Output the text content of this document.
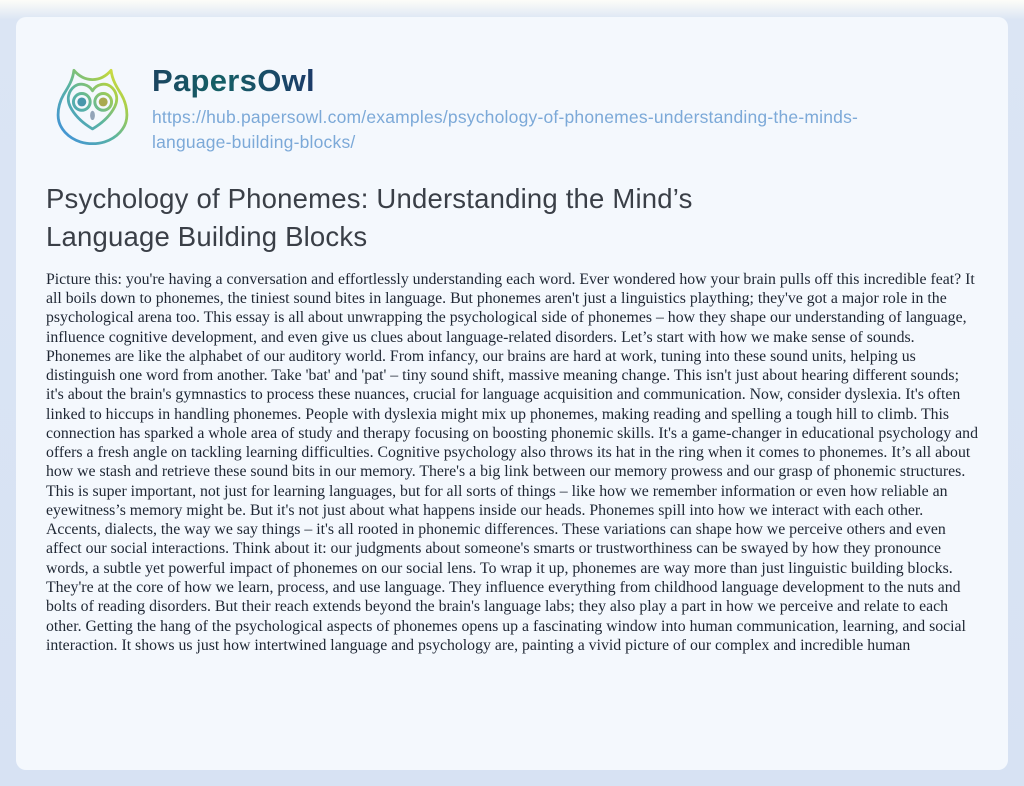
PapersOwl
https://hub.papersowl.com/examples/psychology-of-phonemes-understanding-the-minds-language-building-blocks/
Psychology of Phonemes: Understanding the Mind’s Language Building Blocks

Picture this: you're having a conversation and effortlessly understanding each word. Ever wondered how your brain pulls off this incredible feat? It all boils down to phonemes, the tiniest sound bites in language. But phonemes aren't just a linguistics plaything; they've got a major role in the psychological arena too. This essay is all about unwrapping the psychological side of phonemes – how they shape our understanding of language, influence cognitive development, and even give us clues about language-related disorders. Let’s start with how we make sense of sounds. Phonemes are like the alphabet of our auditory world. From infancy, our brains are hard at work, tuning into these sound units, helping us distinguish one word from another. Take 'bat' and 'pat' – tiny sound shift, massive meaning change. This isn't just about hearing different sounds; it's about the brain's gymnastics to process these nuances, crucial for language acquisition and communication. Now, consider dyslexia. It's often linked to hiccups in handling phonemes. People with dyslexia might mix up phonemes, making reading and spelling a tough hill to climb. This connection has sparked a whole area of study and therapy focusing on boosting phonemic skills. It's a game-changer in educational psychology and offers a fresh angle on tackling learning difficulties. Cognitive psychology also throws its hat in the ring when it comes to phonemes. It’s all about how we stash and retrieve these sound bits in our memory. There's a big link between our memory prowess and our grasp of phonemic structures. This is super important, not just for learning languages, but for all sorts of things – like how we remember information or even how reliable an eyewitness’s memory might be. But it's not just about what happens inside our heads. Phonemes spill into how we interact with each other. Accents, dialects, the way we say things – it's all rooted in phonemic differences. These variations can shape how we perceive others and even affect our social interactions. Think about it: our judgments about someone's smarts or trustworthiness can be swayed by how they pronounce words, a subtle yet powerful impact of phonemes on our social lens. To wrap it up, phonemes are way more than just linguistic building blocks. They're at the core of how we learn, process, and use language. They influence everything from childhood language development to the nuts and bolts of reading disorders. But their reach extends beyond the brain's language labs; they also play a part in how we perceive and relate to each other. Getting the hang of the psychological aspects of phonemes opens up a fascinating window into human communication, learning, and social interaction. It shows us just how intertwined language and psychology are, painting a vivid picture of our complex and incredible human
